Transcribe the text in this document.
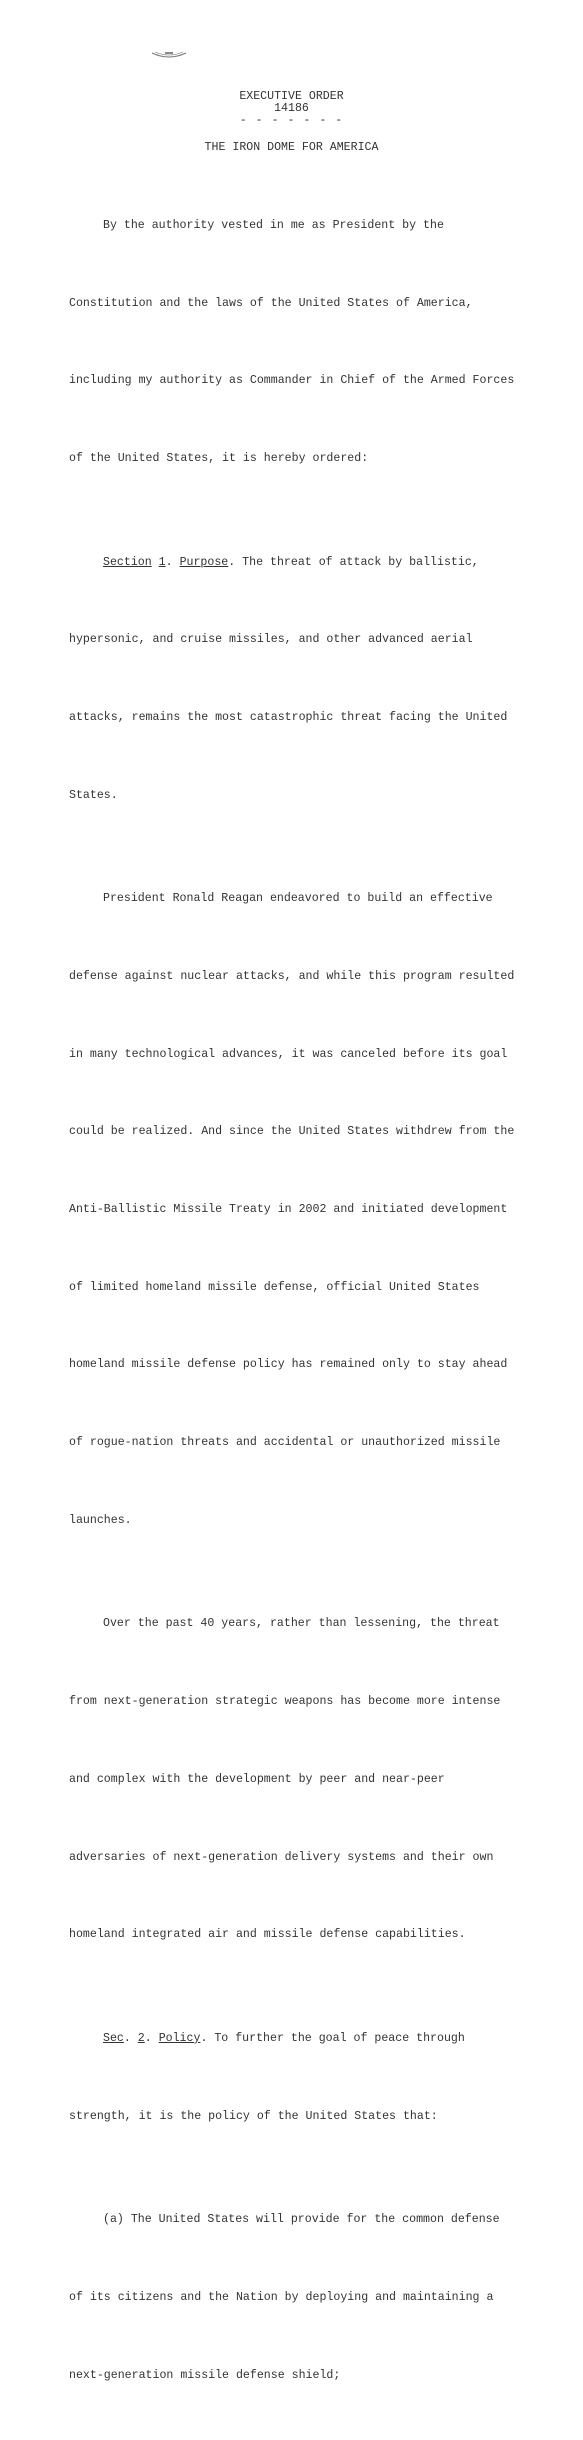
EXECUTIVE ORDER
14186
- - - - - - -
THE IRON DOME FOR AMERICA

By the authority vested in me as President by the

Constitution and the laws of the United States of America,

including my authority as Commander in Chief of the Armed Forces

of the United States, it is hereby ordered:

Section 1. Purpose. The threat of attack by ballistic,

hypersonic, and cruise missiles, and other advanced aerial

attacks, remains the most catastrophic threat facing the United

States.

President Ronald Reagan endeavored to build an effective

defense against nuclear attacks, and while this program resulted

in many technological advances, it was canceled before its goal

could be realized. And since the United States withdrew from the

Anti-Ballistic Missile Treaty in 2002 and initiated development

of limited homeland missile defense, official United States

homeland missile defense policy has remained only to stay ahead

of rogue-nation threats and accidental or unauthorized missile

launches.

Over the past 40 years, rather than lessening, the threat

from next-generation strategic weapons has become more intense

and complex with the development by peer and near-peer

adversaries of next-generation delivery systems and their own

homeland integrated air and missile defense capabilities.

Sec. 2. Policy. To further the goal of peace through

strength, it is the policy of the United States that:

(a) The United States will provide for the common defense

of its citizens and the Nation by deploying and maintaining a

next-generation missile defense shield;
